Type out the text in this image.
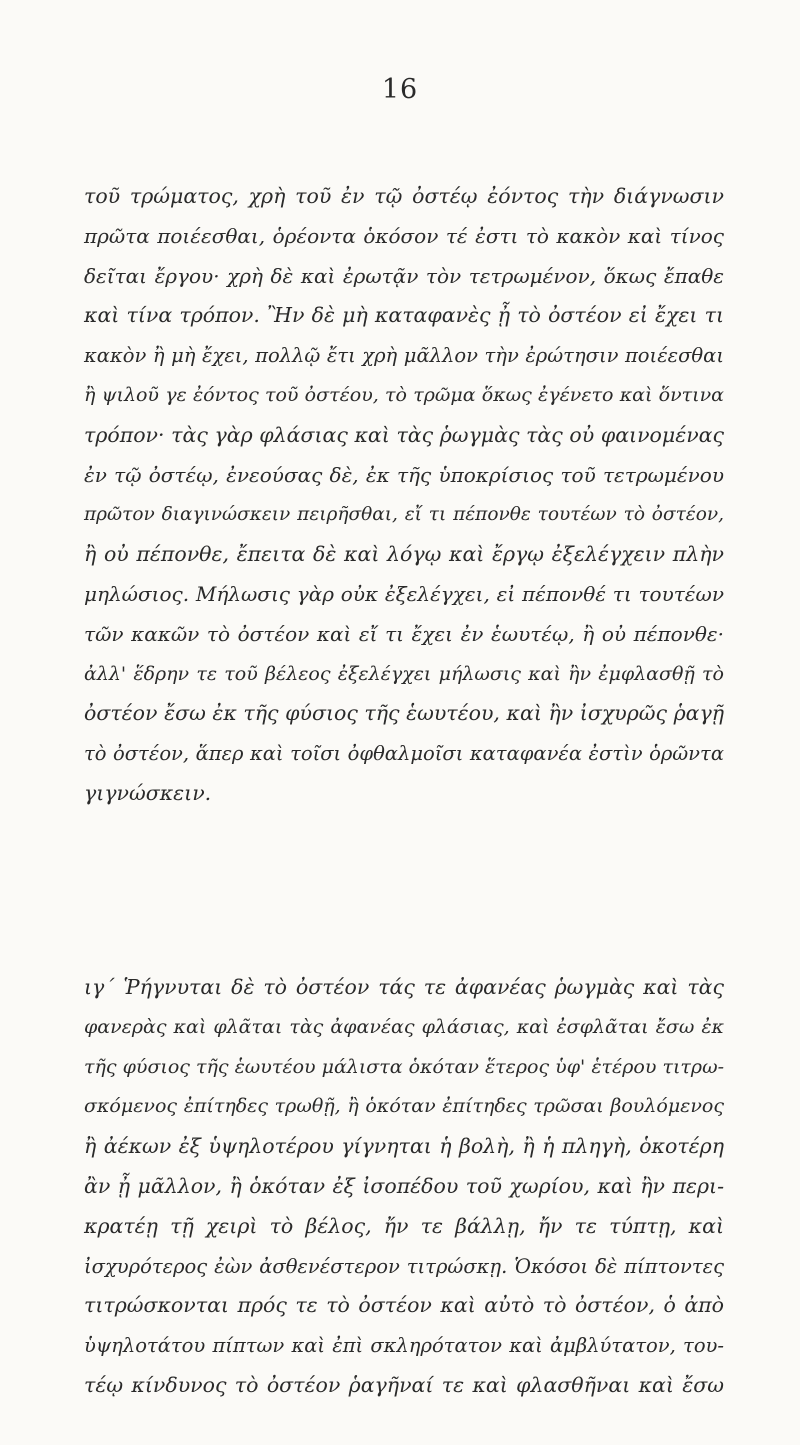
16
τοῦ τρώματος, χρὴ τοῦ ἐν τῷ ὀστέῳ ἐόντος τὴν διάγνωσιν
πρῶτα ποιέεσθαι, ὁρέοντα ὁκόσον τέ ἐστι τὸ κακὸν καὶ τίνος
δεῖται ἔργου· χρὴ δὲ καὶ ἐρωτᾷν τὸν τετρωμένον, ὅκως ἔπαθε
καὶ τίνα τρόπον. Ἢν δὲ μὴ καταφανὲς ᾖ τὸ ὀστέον εἰ ἔχει τι
κακὸν ἢ μὴ ἔχει, πολλῷ ἔτι χρὴ μᾶλλον τὴν ἐρώτησιν ποιέεσθαι
ἢ ψιλοῦ γε ἐόντος τοῦ ὀστέου, τὸ τρῶμα ὅκως ἐγένετο καὶ ὅντινα
τρόπον· τὰς γὰρ φλάσιας καὶ τὰς ῥωγμὰς τὰς οὐ φαινομένας
ἐν τῷ ὀστέῳ, ἐνεούσας δὲ, ἐκ τῆς ὑποκρίσιος τοῦ τετρωμένου
πρῶτον διαγινώσκειν πειρῆσθαι, εἴ τι πέπονθε τουτέων τὸ ὀστέον,
ἢ οὐ πέπονθε, ἔπειτα δὲ καὶ λόγῳ καὶ ἔργῳ ἐξελέγχειν πλὴν
μηλώσιος. Μήλωσις γὰρ οὐκ ἐξελέγχει, εἰ πέπονθέ τι τουτέων
τῶν κακῶν τὸ ὀστέον καὶ εἴ τι ἔχει ἐν ἑωυτέῳ, ἢ οὐ πέπονθε·
ἀλλ' ἕδρην τε τοῦ βέλεος ἐξελέγχει μήλωσις καὶ ἢν ἐμφλασθῇ τὸ
ὀστέον ἔσω ἐκ τῆς φύσιος τῆς ἑωυτέου, καὶ ἢν ἰσχυρῶς ῥαγῇ
τὸ ὀστέον, ἅπερ καὶ τοῖσι ὀφθαλμοῖσι καταφανέα ἐστὶν ὁρῶντα
γιγνώσκειν.
ιγ΄ Ῥήγνυται δὲ τὸ ὀστέον τάς τε ἀφανέας ῥωγμὰς καὶ τὰς
φανερὰς καὶ φλᾶται τὰς ἀφανέας φλάσιας, καὶ ἐσφλᾶται ἔσω ἐκ
τῆς φύσιος τῆς ἑωυτέου μάλιστα ὁκόταν ἕτερος ὑφ' ἑτέρου τιτρω-
σκόμενος ἐπίτηδες τρωθῇ, ἢ ὁκόταν ἐπίτηδες τρῶσαι βουλόμενος
ἢ ἀέκων ἐξ ὑψηλοτέρου γίγνηται ἡ βολὴ, ἢ ἡ πληγὴ, ὁκοτέρη
ἂν ᾖ μᾶλλον, ἢ ὁκόταν ἐξ ἰσοπέδου τοῦ χωρίου, καὶ ἢν περι-
κρατέῃ τῇ χειρὶ τὸ βέλος, ἤν τε βάλλῃ, ἤν τε τύπτῃ, καὶ
ἰσχυρότερος ἐὼν ἀσθενέστερον τιτρώσκῃ. Ὁκόσοι δὲ πίπτοντες
τιτρώσκονται πρός τε τὸ ὀστέον καὶ αὐτὸ τὸ ὀστέον, ὁ ἀπὸ
ὑψηλοτάτου πίπτων καὶ ἐπὶ σκληρότατον καὶ ἀμβλύτατον, του-
τέῳ κίνδυνος τὸ ὀστέον ῥαγῆναί τε καὶ φλασθῆναι καὶ ἔσω
